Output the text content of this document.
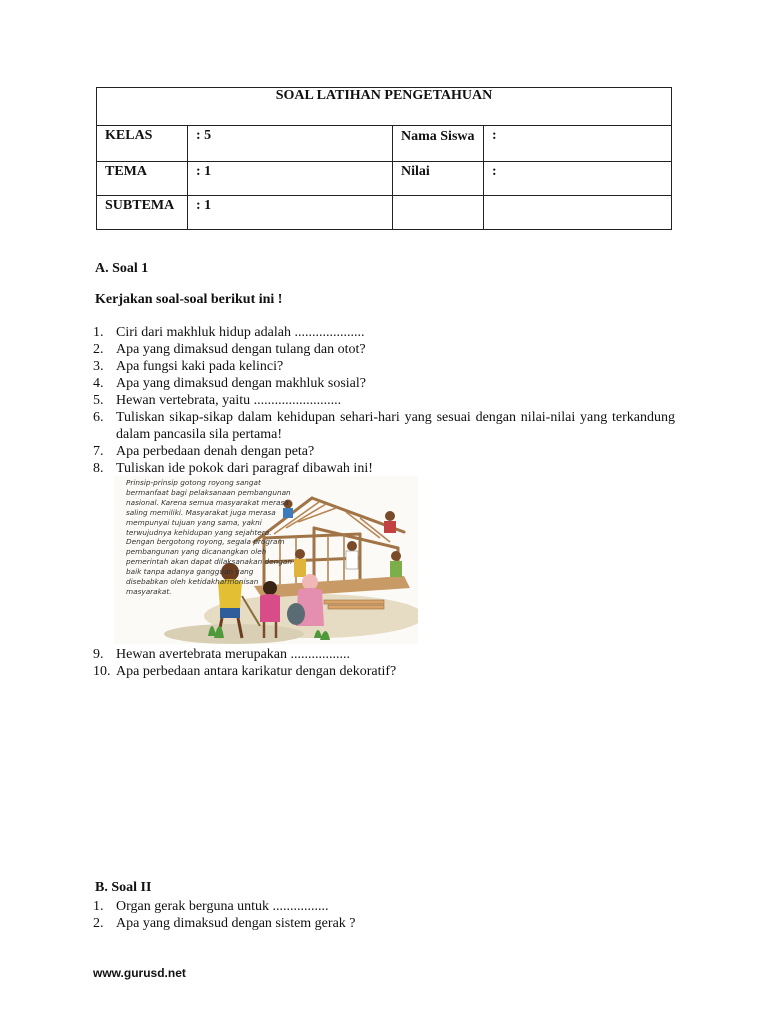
SOAL LATIHAN PENGETAHUAN			
KELAS	: 5	Nama Siswa	:
TEMA	: 1	Nilai	:
SUBTEMA	: 1		
A. Soal 1
Kerjakan soal-soal berikut ini !
1. Ciri dari makhluk hidup adalah ....................
2. Apa yang dimaksud dengan tulang dan otot?
3. Apa fungsi kaki pada kelinci?
4. Apa yang dimaksud dengan makhluk sosial?
5. Hewan vertebrata, yaitu .........................
6. Tuliskan sikap-sikap dalam kehidupan sehari-hari yang sesuai dengan nilai-nilai yang terkandung dalam pancasila sila pertama!
7. Apa perbedaan denah dengan peta?
8. Tuliskan ide pokok dari paragraf dibawah ini!
Prinsip-prinsip gotong royong sangat bermanfaat bagi pelaksanaan pembangunan nasional. Karena semua masyarakat merasa saling memiliki. Masyarakat juga merasa mempunyai tujuan yang sama, yakni terwujudnya kehidupan yang sejahtera. Dengan bergotong royong, segala program pembangunan yang dicanangkan oleh pemerintah akan dapat dilaksanakan dengan baik tanpa adanya gangguan yang disebabkan oleh ketidakharmonisan masyarakat.
9. Hewan avertebrata merupakan .................
10. Apa perbedaan antara karikatur dengan dekoratif?
B. Soal II
1. Organ gerak berguna untuk ................
2. Apa yang dimaksud dengan sistem gerak ?
www.gurusd.net
